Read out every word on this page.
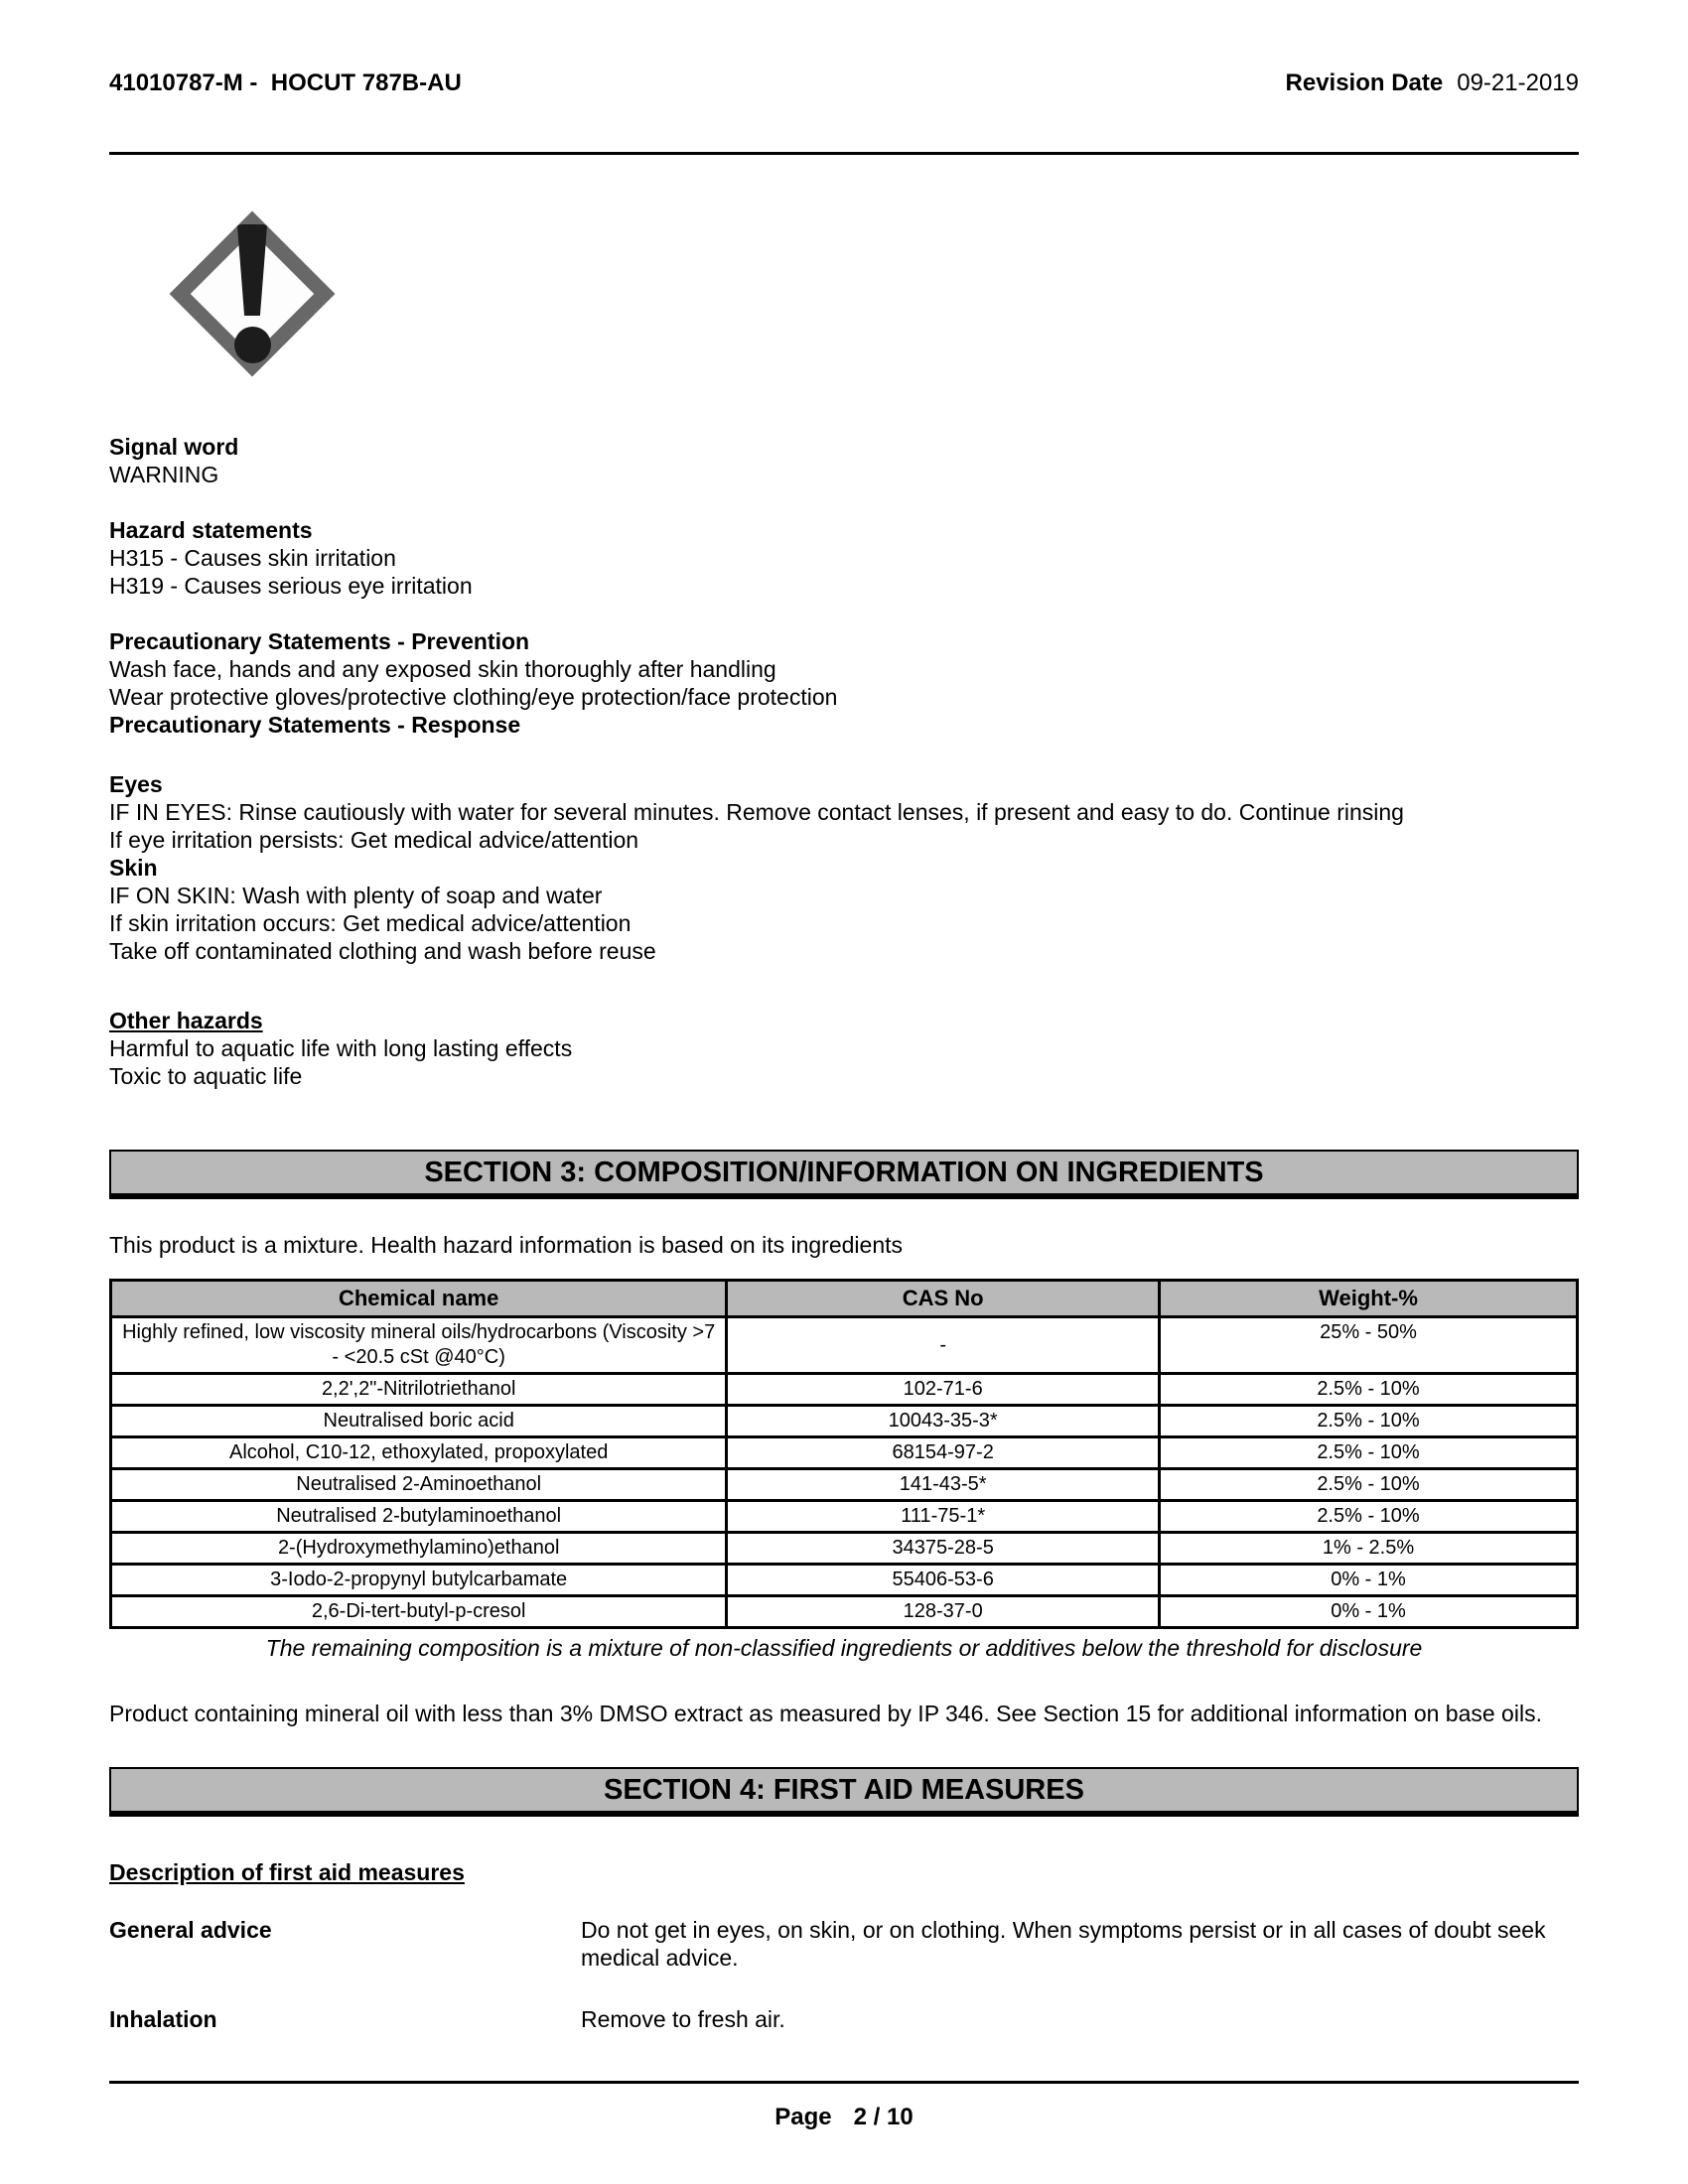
41010787-M -  HOCUT 787B-AU	Revision Date 09-21-2019
Signal word
WARNING
Hazard statements
H315 - Causes skin irritation
H319 - Causes serious eye irritation
Precautionary Statements - Prevention
Wash face, hands and any exposed skin thoroughly after handling
Wear protective gloves/protective clothing/eye protection/face protection
Precautionary Statements - Response
Eyes
IF IN EYES: Rinse cautiously with water for several minutes. Remove contact lenses, if present and easy to do. Continue rinsing
If eye irritation persists: Get medical advice/attention
Skin
IF ON SKIN: Wash with plenty of soap and water
If skin irritation occurs: Get medical advice/attention
Take off contaminated clothing and wash before reuse
Other hazards
Harmful to aquatic life with long lasting effects
Toxic to aquatic life
SECTION 3: COMPOSITION/INFORMATION ON INGREDIENTS
This product is a mixture. Health hazard information is based on its ingredients
Chemical name	CAS No	Weight-%
Highly refined, low viscosity mineral oils/hydrocarbons (Viscosity >7 - <20.5 cSt @40°C)	-	25% - 50%
2,2',2"-Nitrilotriethanol	102-71-6	2.5% - 10%
Neutralised boric acid	10043-35-3*	2.5% - 10%
Alcohol, C10-12, ethoxylated, propoxylated	68154-97-2	2.5% - 10%
Neutralised 2-Aminoethanol	141-43-5*	2.5% - 10%
Neutralised 2-butylaminoethanol	111-75-1*	2.5% - 10%
2-(Hydroxymethylamino)ethanol	34375-28-5	1% - 2.5%
3-Iodo-2-propynyl butylcarbamate	55406-53-6	0% - 1%
2,6-Di-tert-butyl-p-cresol	128-37-0	0% - 1%
The remaining composition is a mixture of non-classified ingredients or additives below the threshold for disclosure
Product containing mineral oil with less than 3% DMSO extract as measured by IP 346. See Section 15 for additional information on base oils.
SECTION 4: FIRST AID MEASURES
Description of first aid measures
General advice	Do not get in eyes, on skin, or on clothing. When symptoms persist or in all cases of doubt seek medical advice.
Inhalation	Remove to fresh air.
Page 2 / 10
